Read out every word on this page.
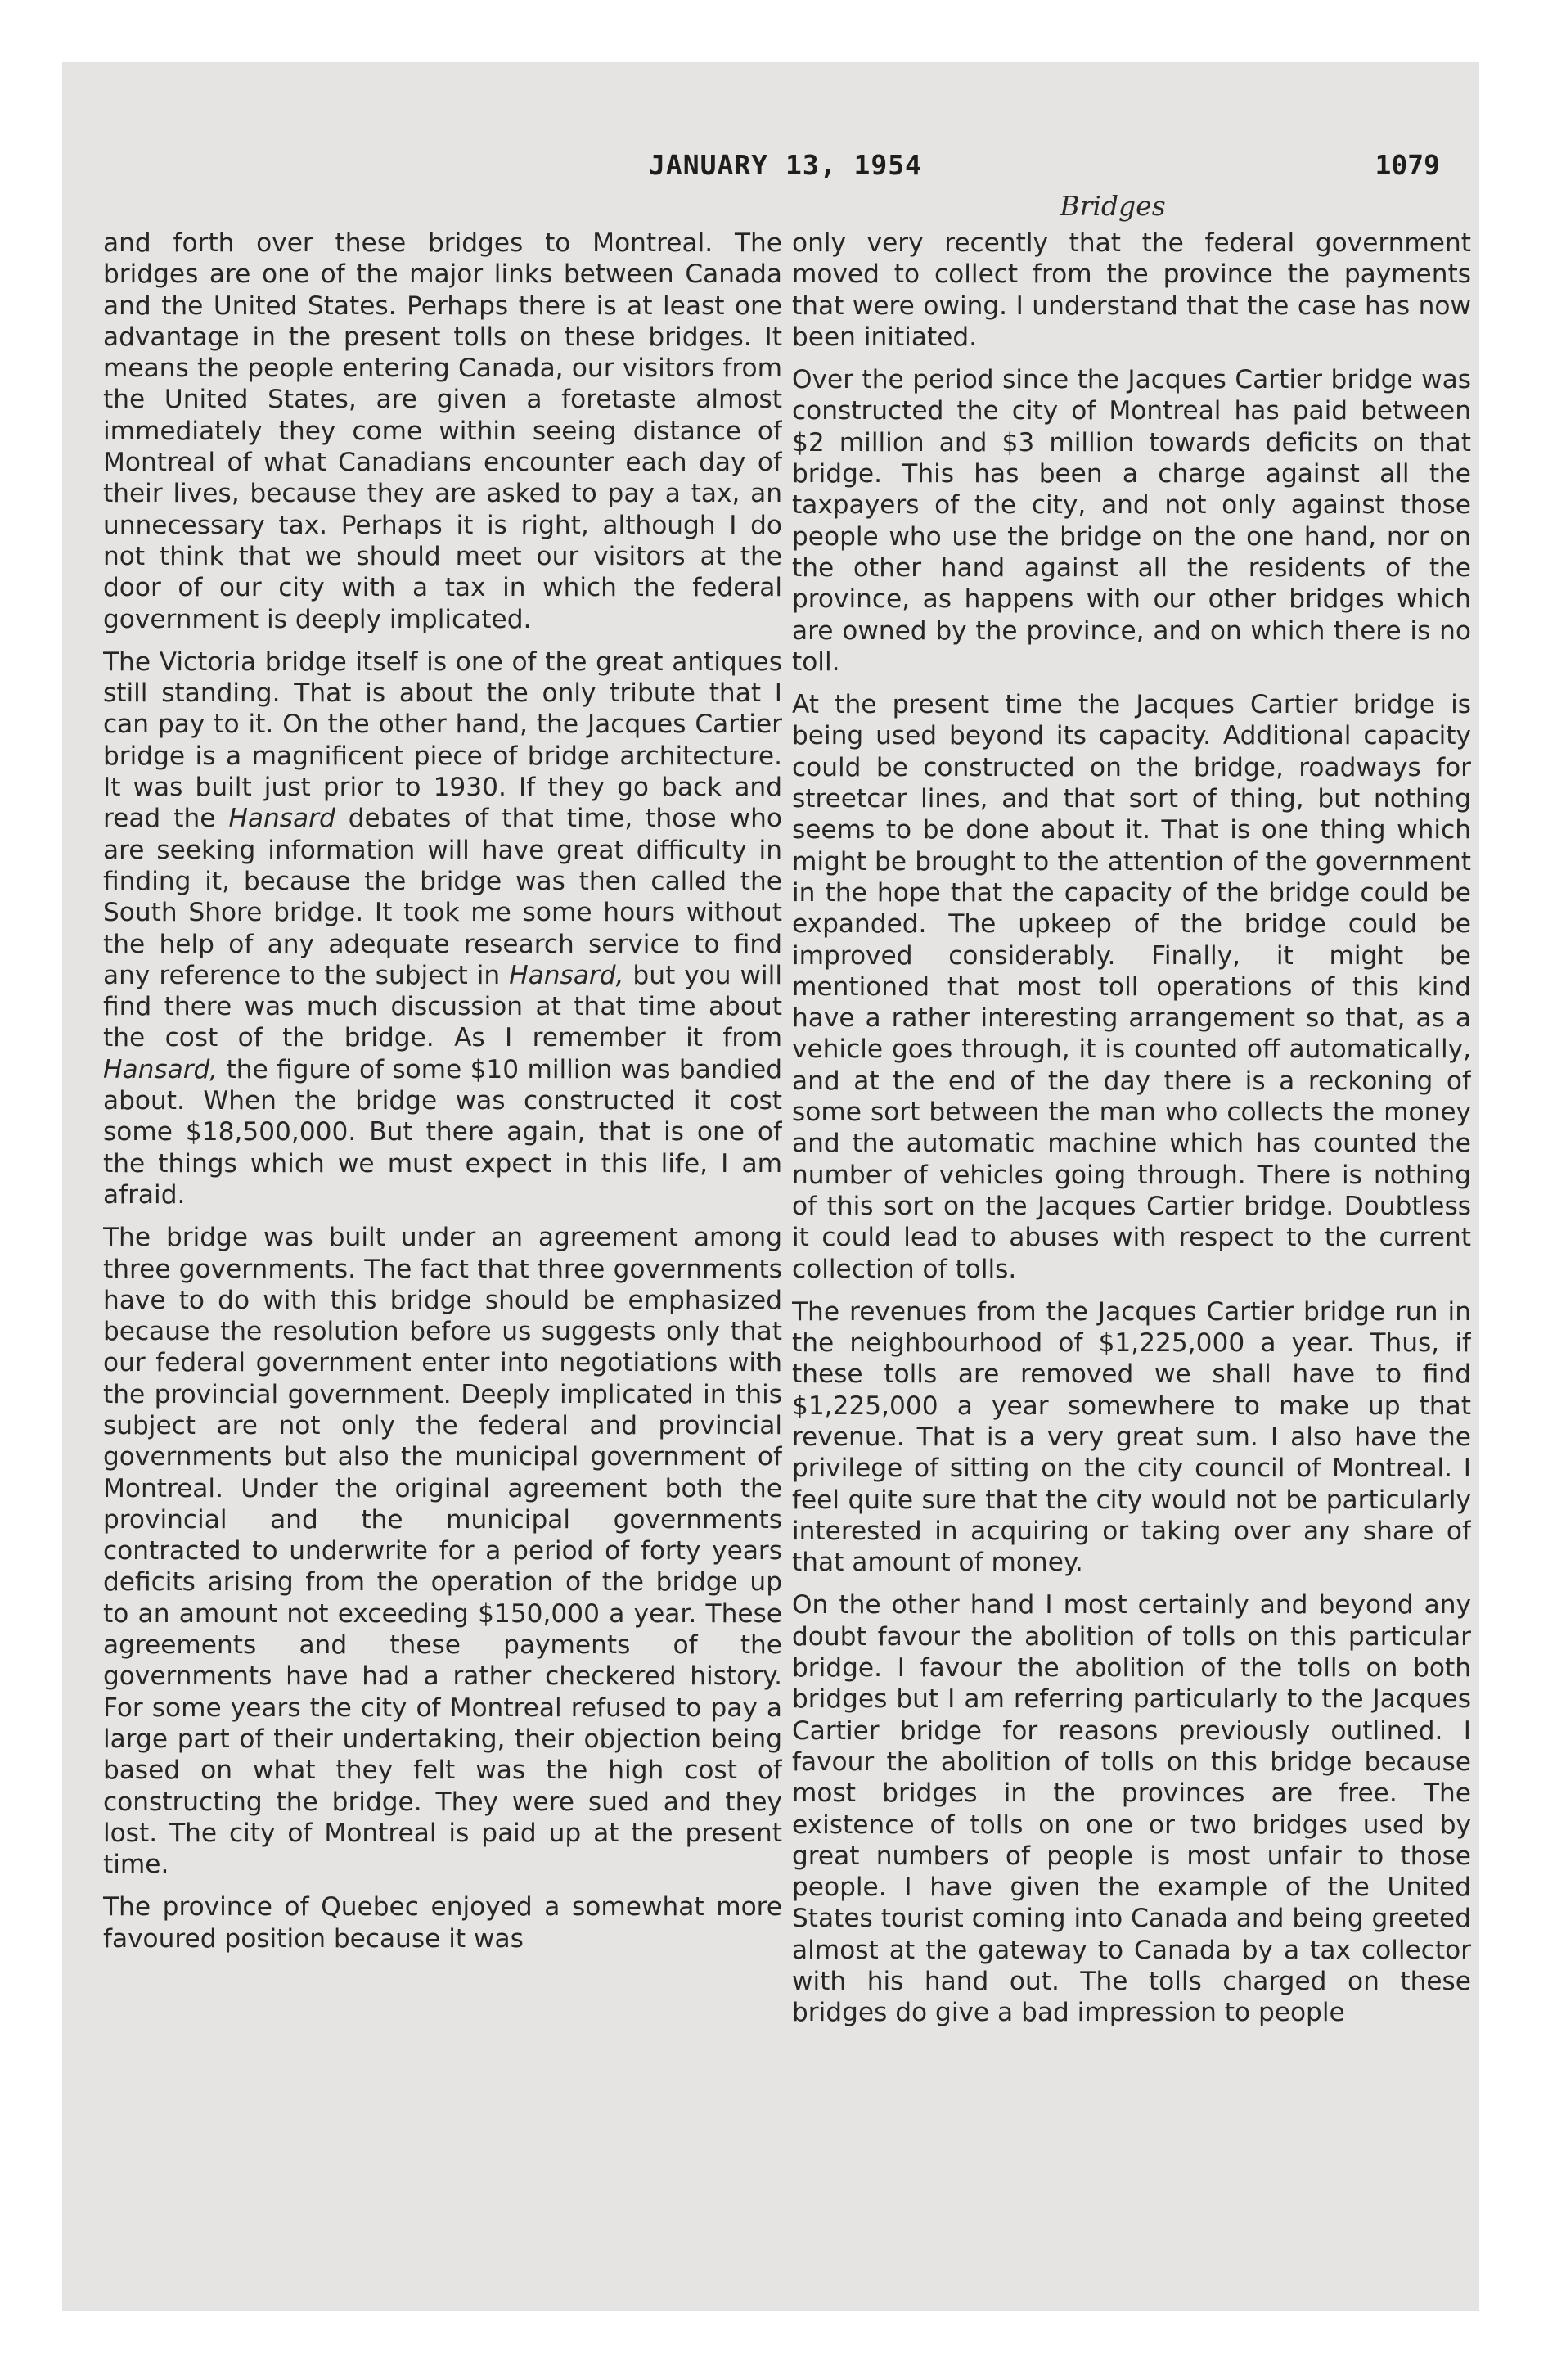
JANUARY 13, 1954	1079
Bridges

and forth over these bridges to Montreal. The bridges are one of the major links between Canada and the United States. Perhaps there is at least one advantage in the present tolls on these bridges. It means the people entering Canada, our visitors from the United States, are given a foretaste almost immediately they come within seeing distance of Montreal of what Canadians encounter each day of their lives, because they are asked to pay a tax, an unnecessary tax. Perhaps it is right, although I do not think that we should meet our visitors at the door of our city with a tax in which the federal government is deeply implicated.

The Victoria bridge itself is one of the great antiques still standing. That is about the only tribute that I can pay to it. On the other hand, the Jacques Cartier bridge is a magnificent piece of bridge architecture. It was built just prior to 1930. If they go back and read the Hansard debates of that time, those who are seeking information will have great difficulty in finding it, because the bridge was then called the South Shore bridge. It took me some hours without the help of any adequate research service to find any reference to the subject in Hansard, but you will find there was much discussion at that time about the cost of the bridge. As I remember it from Hansard, the figure of some $10 million was bandied about. When the bridge was constructed it cost some $18,500,000. But there again, that is one of the things which we must expect in this life, I am afraid.

The bridge was built under an agreement among three governments. The fact that three governments have to do with this bridge should be emphasized because the resolution before us suggests only that our federal government enter into negotiations with the provincial government. Deeply implicated in this subject are not only the federal and provincial governments but also the municipal government of Montreal. Under the original agreement both the provincial and the municipal governments contracted to underwrite for a period of forty years deficits arising from the operation of the bridge up to an amount not exceeding $150,000 a year. These agreements and these payments of the governments have had a rather checkered history. For some years the city of Montreal refused to pay a large part of their undertaking, their objection being based on what they felt was the high cost of constructing the bridge. They were sued and they lost. The city of Montreal is paid up at the present time.

The province of Quebec enjoyed a somewhat more favoured position because it was

only very recently that the federal government moved to collect from the province the payments that were owing. I understand that the case has now been initiated.

Over the period since the Jacques Cartier bridge was constructed the city of Montreal has paid between $2 million and $3 million towards deficits on that bridge. This has been a charge against all the taxpayers of the city, and not only against those people who use the bridge on the one hand, nor on the other hand against all the residents of the province, as happens with our other bridges which are owned by the province, and on which there is no toll.

At the present time the Jacques Cartier bridge is being used beyond its capacity. Additional capacity could be constructed on the bridge, roadways for streetcar lines, and that sort of thing, but nothing seems to be done about it. That is one thing which might be brought to the attention of the government in the hope that the capacity of the bridge could be expanded. The upkeep of the bridge could be improved considerably. Finally, it might be mentioned that most toll operations of this kind have a rather interesting arrangement so that, as a vehicle goes through, it is counted off automatically, and at the end of the day there is a reckoning of some sort between the man who collects the money and the automatic machine which has counted the number of vehicles going through. There is nothing of this sort on the Jacques Cartier bridge. Doubtless it could lead to abuses with respect to the current collection of tolls.

The revenues from the Jacques Cartier bridge run in the neighbourhood of $1,225,000 a year. Thus, if these tolls are removed we shall have to find $1,225,000 a year somewhere to make up that revenue. That is a very great sum. I also have the privilege of sitting on the city council of Montreal. I feel quite sure that the city would not be particularly interested in acquiring or taking over any share of that amount of money.

On the other hand I most certainly and beyond any doubt favour the abolition of tolls on this particular bridge. I favour the abolition of the tolls on both bridges but I am referring particularly to the Jacques Cartier bridge for reasons previously outlined. I favour the abolition of tolls on this bridge because most bridges in the provinces are free. The existence of tolls on one or two bridges used by great numbers of people is most unfair to those people. I have given the example of the United States tourist coming into Canada and being greeted almost at the gateway to Canada by a tax collector with his hand out. The tolls charged on these bridges do give a bad impression to people
